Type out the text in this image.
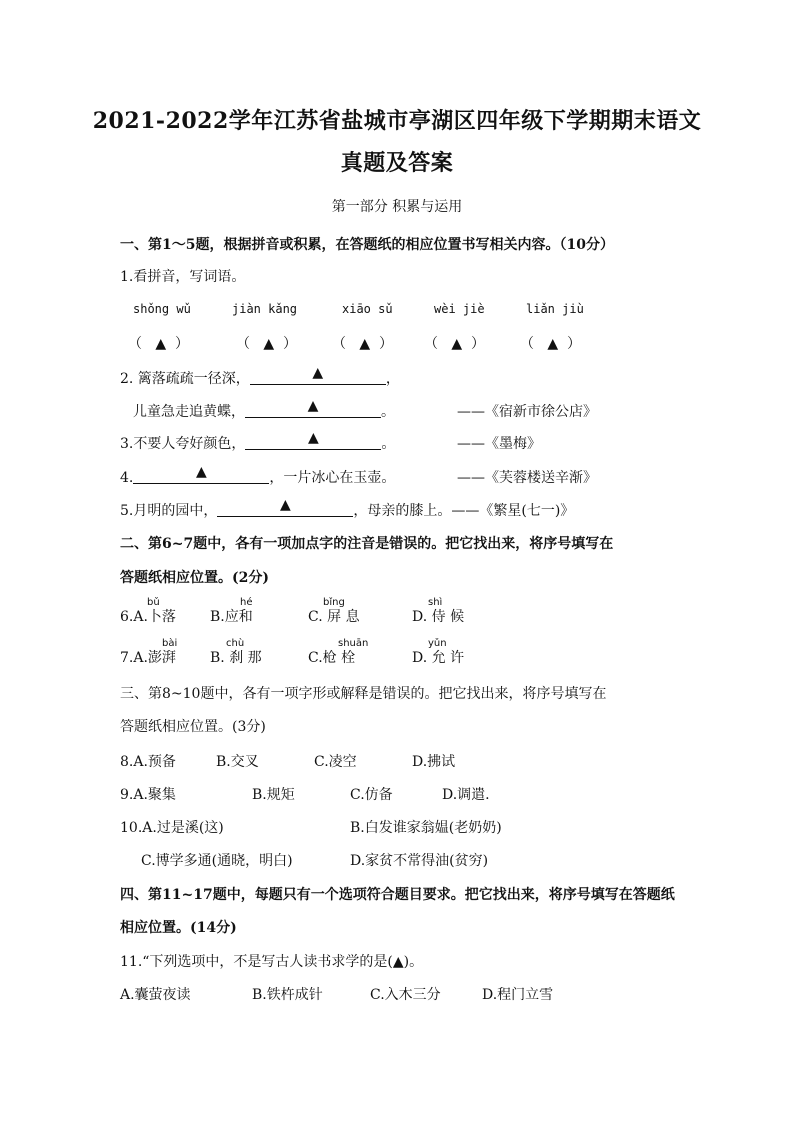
2021-2022学年江苏省盐城市亭湖区四年级下学期期末语文
真题及答案
第一部分 积累与运用
一、第1～5题，根据拼音或积累，在答题纸的相应位置书写相关内容。（10分）
1.看拼音，写词语。
shǒng wǔ	jiàn kǎng	xiāo sǔ	wèi jiè	liǎn jiù
（   ▲  ）	（   ▲  ） （   ▲  ） （   ▲  ） （   ▲  ）
2. 篱落疏疏一径深，	▲	，
儿童急走追黄蝶，	▲	。	——《宿新市徐公店》
3.不要人夸好颜色，	▲	。	——《墨梅》
4.	▲	，一片冰心在玉壶。	——《芙蓉楼送辛渐》
5.月明的园中，	▲	，母亲的膝上。——《繁星(七一)》
二、第6~7题中，各有一项加点字的注音是错误的。把它找出来，将序号填写在
答题纸相应位置。(2分)
bǔ	hé	bǐng	shì
6.A.卜落 B.应和	C. 屏 息	D. 侍 候
bài	chù	shuān	yǔn
7.A.澎湃 B. 刹 那	C.枪 栓	D. 允 许
三、第8~10题中，各有一项字形或解释是错误的。把它找出来，将序号填写在
答题纸相应位置。(3分)
8.A.预备	B.交叉	C.凌空	D.拂试
9.A.聚集	B.规矩	C.仿备	D.调遣.
10.A.过是溪(这)	B.白发谁家翁媪(老奶奶)
C.博学多通(通晓，明白)	D.家贫不常得油(贫穷)
四、第11~17题中，每题只有一个选项符合题目要求。把它找出来，将序号填写在答题纸
相应位置。(14分)
11.“下列选项中，不是写古人读书求学的是(▲)。
A.囊萤夜读	B.铁杵成针	C.入木三分	D.程门立雪
